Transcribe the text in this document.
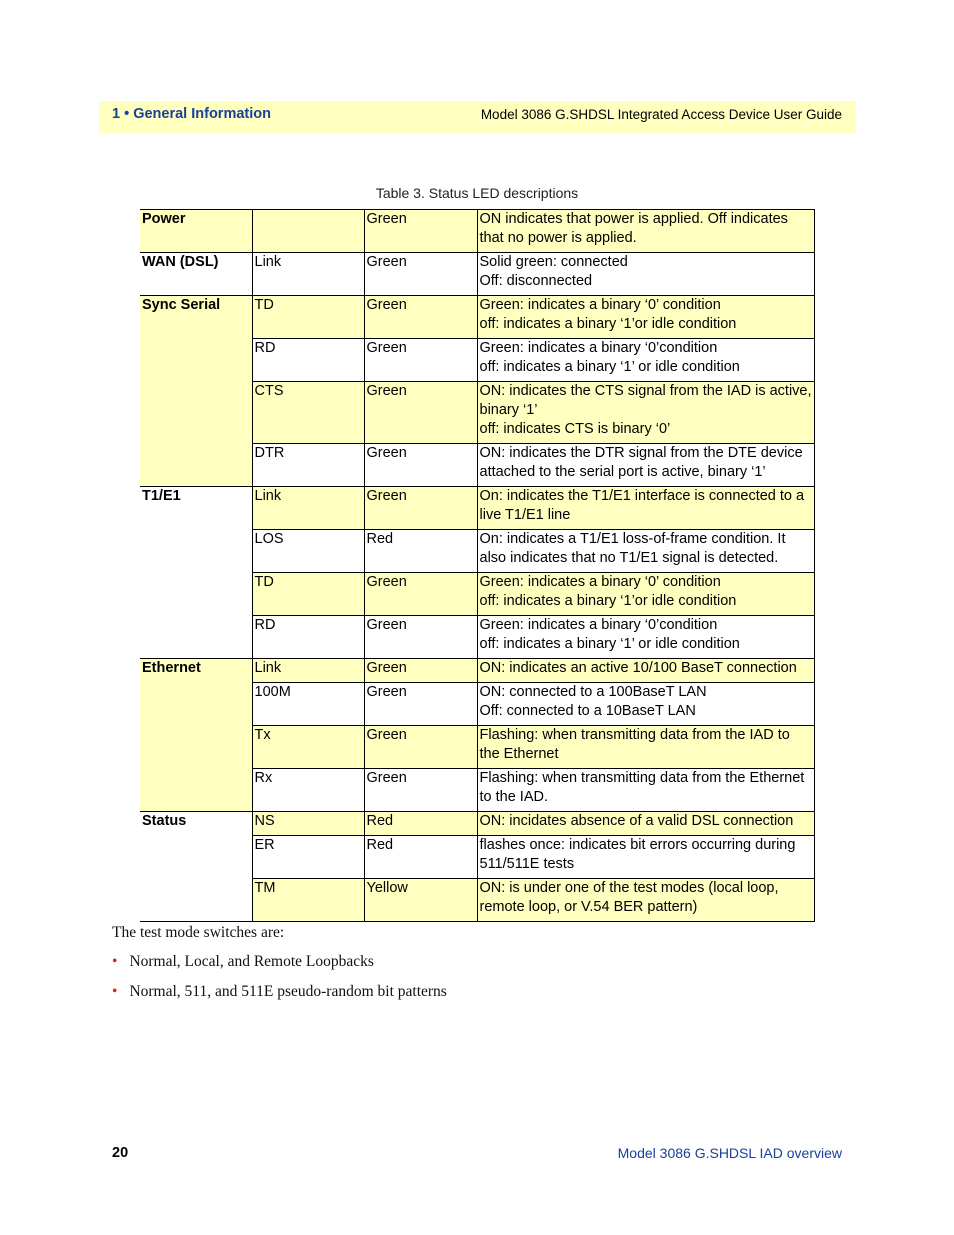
1 • General Information	Model 3086 G.SHDSL Integrated Access Device User Guide
Table 3. Status LED descriptions
Power		Green	ON indicates that power is applied. Off indicates that no power is applied.
WAN (DSL)	Link	Green	Solid green: connected
Off: disconnected
Sync Serial	TD	Green	Green: indicates a binary ‘0’ condition
off: indicates a binary ‘1’or idle condition
	RD	Green	Green: indicates a binary ‘0’condition
off: indicates a binary ‘1’ or idle condition
	CTS	Green	ON: indicates the CTS signal from the IAD is active, binary ‘1’
off: indicates CTS is binary ‘0’
	DTR	Green	ON: indicates the DTR signal from the DTE device attached to the serial port is active, binary ‘1’
T1/E1	Link	Green	On: indicates the T1/E1 interface is connected to a live T1/E1 line
	LOS	Red	On: indicates a T1/E1 loss-of-frame condition. It also indicates that no T1/E1 signal is detected.
	TD	Green	Green: indicates a binary ‘0’ condition
off: indicates a binary ‘1’or idle condition
	RD	Green	Green: indicates a binary ‘0’condition
off: indicates a binary ‘1’ or idle condition
Ethernet	Link	Green	ON: indicates an active 10/100 BaseT connection
	100M	Green	ON: connected to a 100BaseT LAN
Off: connected to a 10BaseT LAN
	Tx	Green	Flashing: when transmitting data from the IAD to the Ethernet
	Rx	Green	Flashing: when transmitting data from the Ethernet to the IAD.
Status	NS	Red	ON: incidates absence of a valid DSL connection
	ER	Red	flashes once: indicates bit errors occurring during 511/511E tests
	TM	Yellow	ON: is under one of the test modes (local loop, remote loop, or V.54 BER pattern)
The test mode switches are:
• Normal, Local, and Remote Loopbacks
• Normal, 511, and 511E pseudo-random bit patterns
20	Model 3086 G.SHDSL IAD overview
